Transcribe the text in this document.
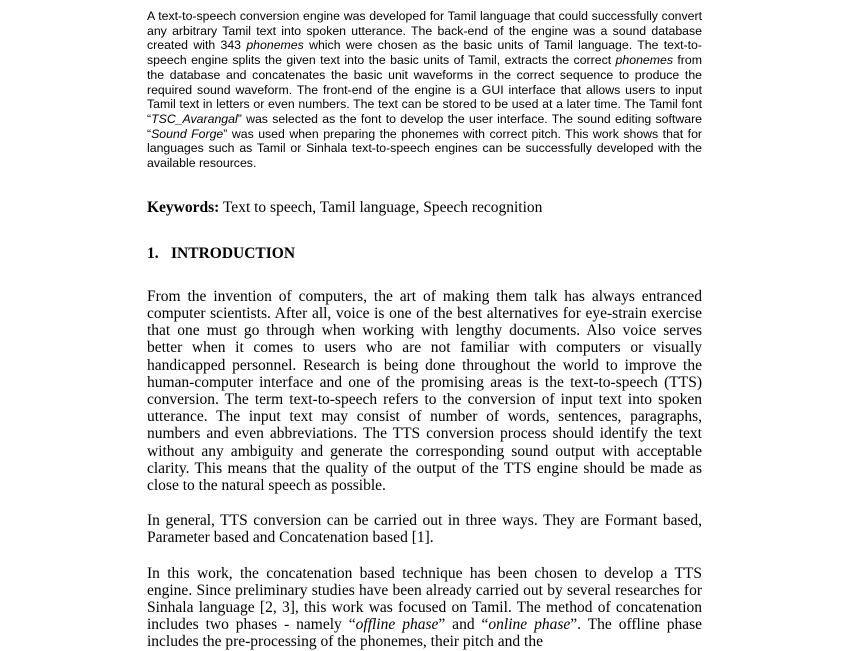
A text-to-speech conversion engine was developed for Tamil language that could successfully convert any arbitrary Tamil text into spoken utterance. The back-end of the engine was a sound database created with 343 phonemes which were chosen as the basic units of Tamil language. The text-to-speech engine splits the given text into the basic units of Tamil, extracts the correct phonemes from the database and concatenates the basic unit waveforms in the correct sequence to produce the required sound waveform. The front-end of the engine is a GUI interface that allows users to input Tamil text in letters or even numbers. The text can be stored to be used at a later time. The Tamil font “TSC_Avarangal” was selected as the font to develop the user interface. The sound editing software “Sound Forge” was used when preparing the phonemes with correct pitch. This work shows that for languages such as Tamil or Sinhala text-to-speech engines can be successfully developed with the available resources.

Keywords: Text to speech, Tamil language, Speech recognition

1. INTRODUCTION

From the invention of computers, the art of making them talk has always entranced computer scientists. After all, voice is one of the best alternatives for eye-strain exercise that one must go through when working with lengthy documents. Also voice serves better when it comes to users who are not familiar with computers or visually handicapped personnel. Research is being done throughout the world to improve the human-computer interface and one of the promising areas is the text-to-speech (TTS) conversion. The term text-to-speech refers to the conversion of input text into spoken utterance. The input text may consist of number of words, sentences, paragraphs, numbers and even abbreviations. The TTS conversion process should identify the text without any ambiguity and generate the corresponding sound output with acceptable clarity. This means that the quality of the output of the TTS engine should be made as close to the natural speech as possible.

In general, TTS conversion can be carried out in three ways. They are Formant based, Parameter based and Concatenation based [1].

In this work, the concatenation based technique has been chosen to develop a TTS engine. Since preliminary studies have been already carried out by several researches for Sinhala language [2, 3], this work was focused on Tamil. The method of concatenation includes two phases - namely “offline phase” and “online phase”. The offline phase includes the pre-processing of the phonemes, their pitch and the
